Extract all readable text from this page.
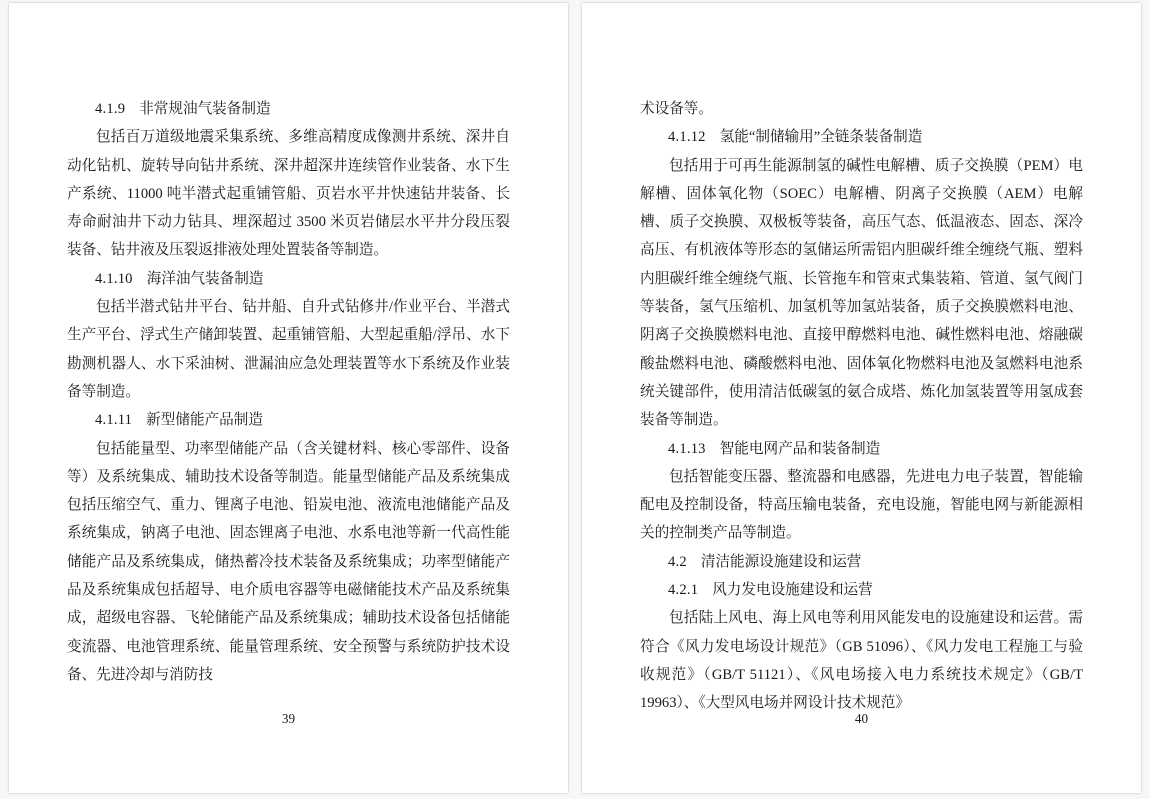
4.1.9 非常规油气装备制造

包括百万道级地震采集系统、多维高精度成像测井系统、深井自动化钻机、旋转导向钻井系统、深井超深井连续管作业装备、水下生产系统、11000 吨半潜式起重铺管船、页岩水平井快速钻井装备、长寿命耐油井下动力钻具、埋深超过 3500 米页岩储层水平井分段压裂装备、钻井液及压裂返排液处理处置装备等制造。

4.1.10 海洋油气装备制造

包括半潜式钻井平台、钻井船、自升式钻修井/作业平台、半潜式生产平台、浮式生产储卸装置、起重铺管船、大型起重船/浮吊、水下勘测机器人、水下采油树、泄漏油应急处理装置等水下系统及作业装备等制造。

4.1.11 新型储能产品制造

包括能量型、功率型储能产品（含关键材料、核心零部件、设备等）及系统集成、辅助技术设备等制造。能量型储能产品及系统集成包括压缩空气、重力、锂离子电池、铅炭电池、液流电池储能产品及系统集成，钠离子电池、固态锂离子电池、水系电池等新一代高性能储能产品及系统集成，储热蓄冷技术装备及系统集成；功率型储能产品及系统集成包括超导、电介质电容器等电磁储能技术产品及系统集成，超级电容器、飞轮储能产品及系统集成；辅助技术设备包括储能变流器、电池管理系统、能量管理系统、安全预警与系统防护技术设备、先进冷却与消防技

39

术设备等。

4.1.12 氢能“制储输用”全链条装备制造

包括用于可再生能源制氢的碱性电解槽、质子交换膜（PEM）电解槽、固体氧化物（SOEC）电解槽、阴离子交换膜（AEM）电解槽、质子交换膜、双极板等装备，高压气态、低温液态、固态、深冷高压、有机液体等形态的氢储运所需铝内胆碳纤维全缠绕气瓶、塑料内胆碳纤维全缠绕气瓶、长管拖车和管束式集装箱、管道、氢气阀门等装备，氢气压缩机、加氢机等加氢站装备，质子交换膜燃料电池、阴离子交换膜燃料电池、直接甲醇燃料电池、碱性燃料电池、熔融碳酸盐燃料电池、磷酸燃料电池、固体氧化物燃料电池及氢燃料电池系统关键部件，使用清洁低碳氢的氨合成塔、炼化加氢装置等用氢成套装备等制造。

4.1.13 智能电网产品和装备制造

包括智能变压器、整流器和电感器，先进电力电子装置，智能输配电及控制设备，特高压输电装备，充电设施，智能电网与新能源相关的控制类产品等制造。

4.2 清洁能源设施建设和运营

4.2.1 风力发电设施建设和运营

包括陆上风电、海上风电等利用风能发电的设施建设和运营。需符合《风力发电场设计规范》（GB 51096）、《风力发电工程施工与验收规范》（GB/T 51121）、《风电场接入电力系统技术规定》（GB/T 19963）、《大型风电场并网设计技术规范》

40
